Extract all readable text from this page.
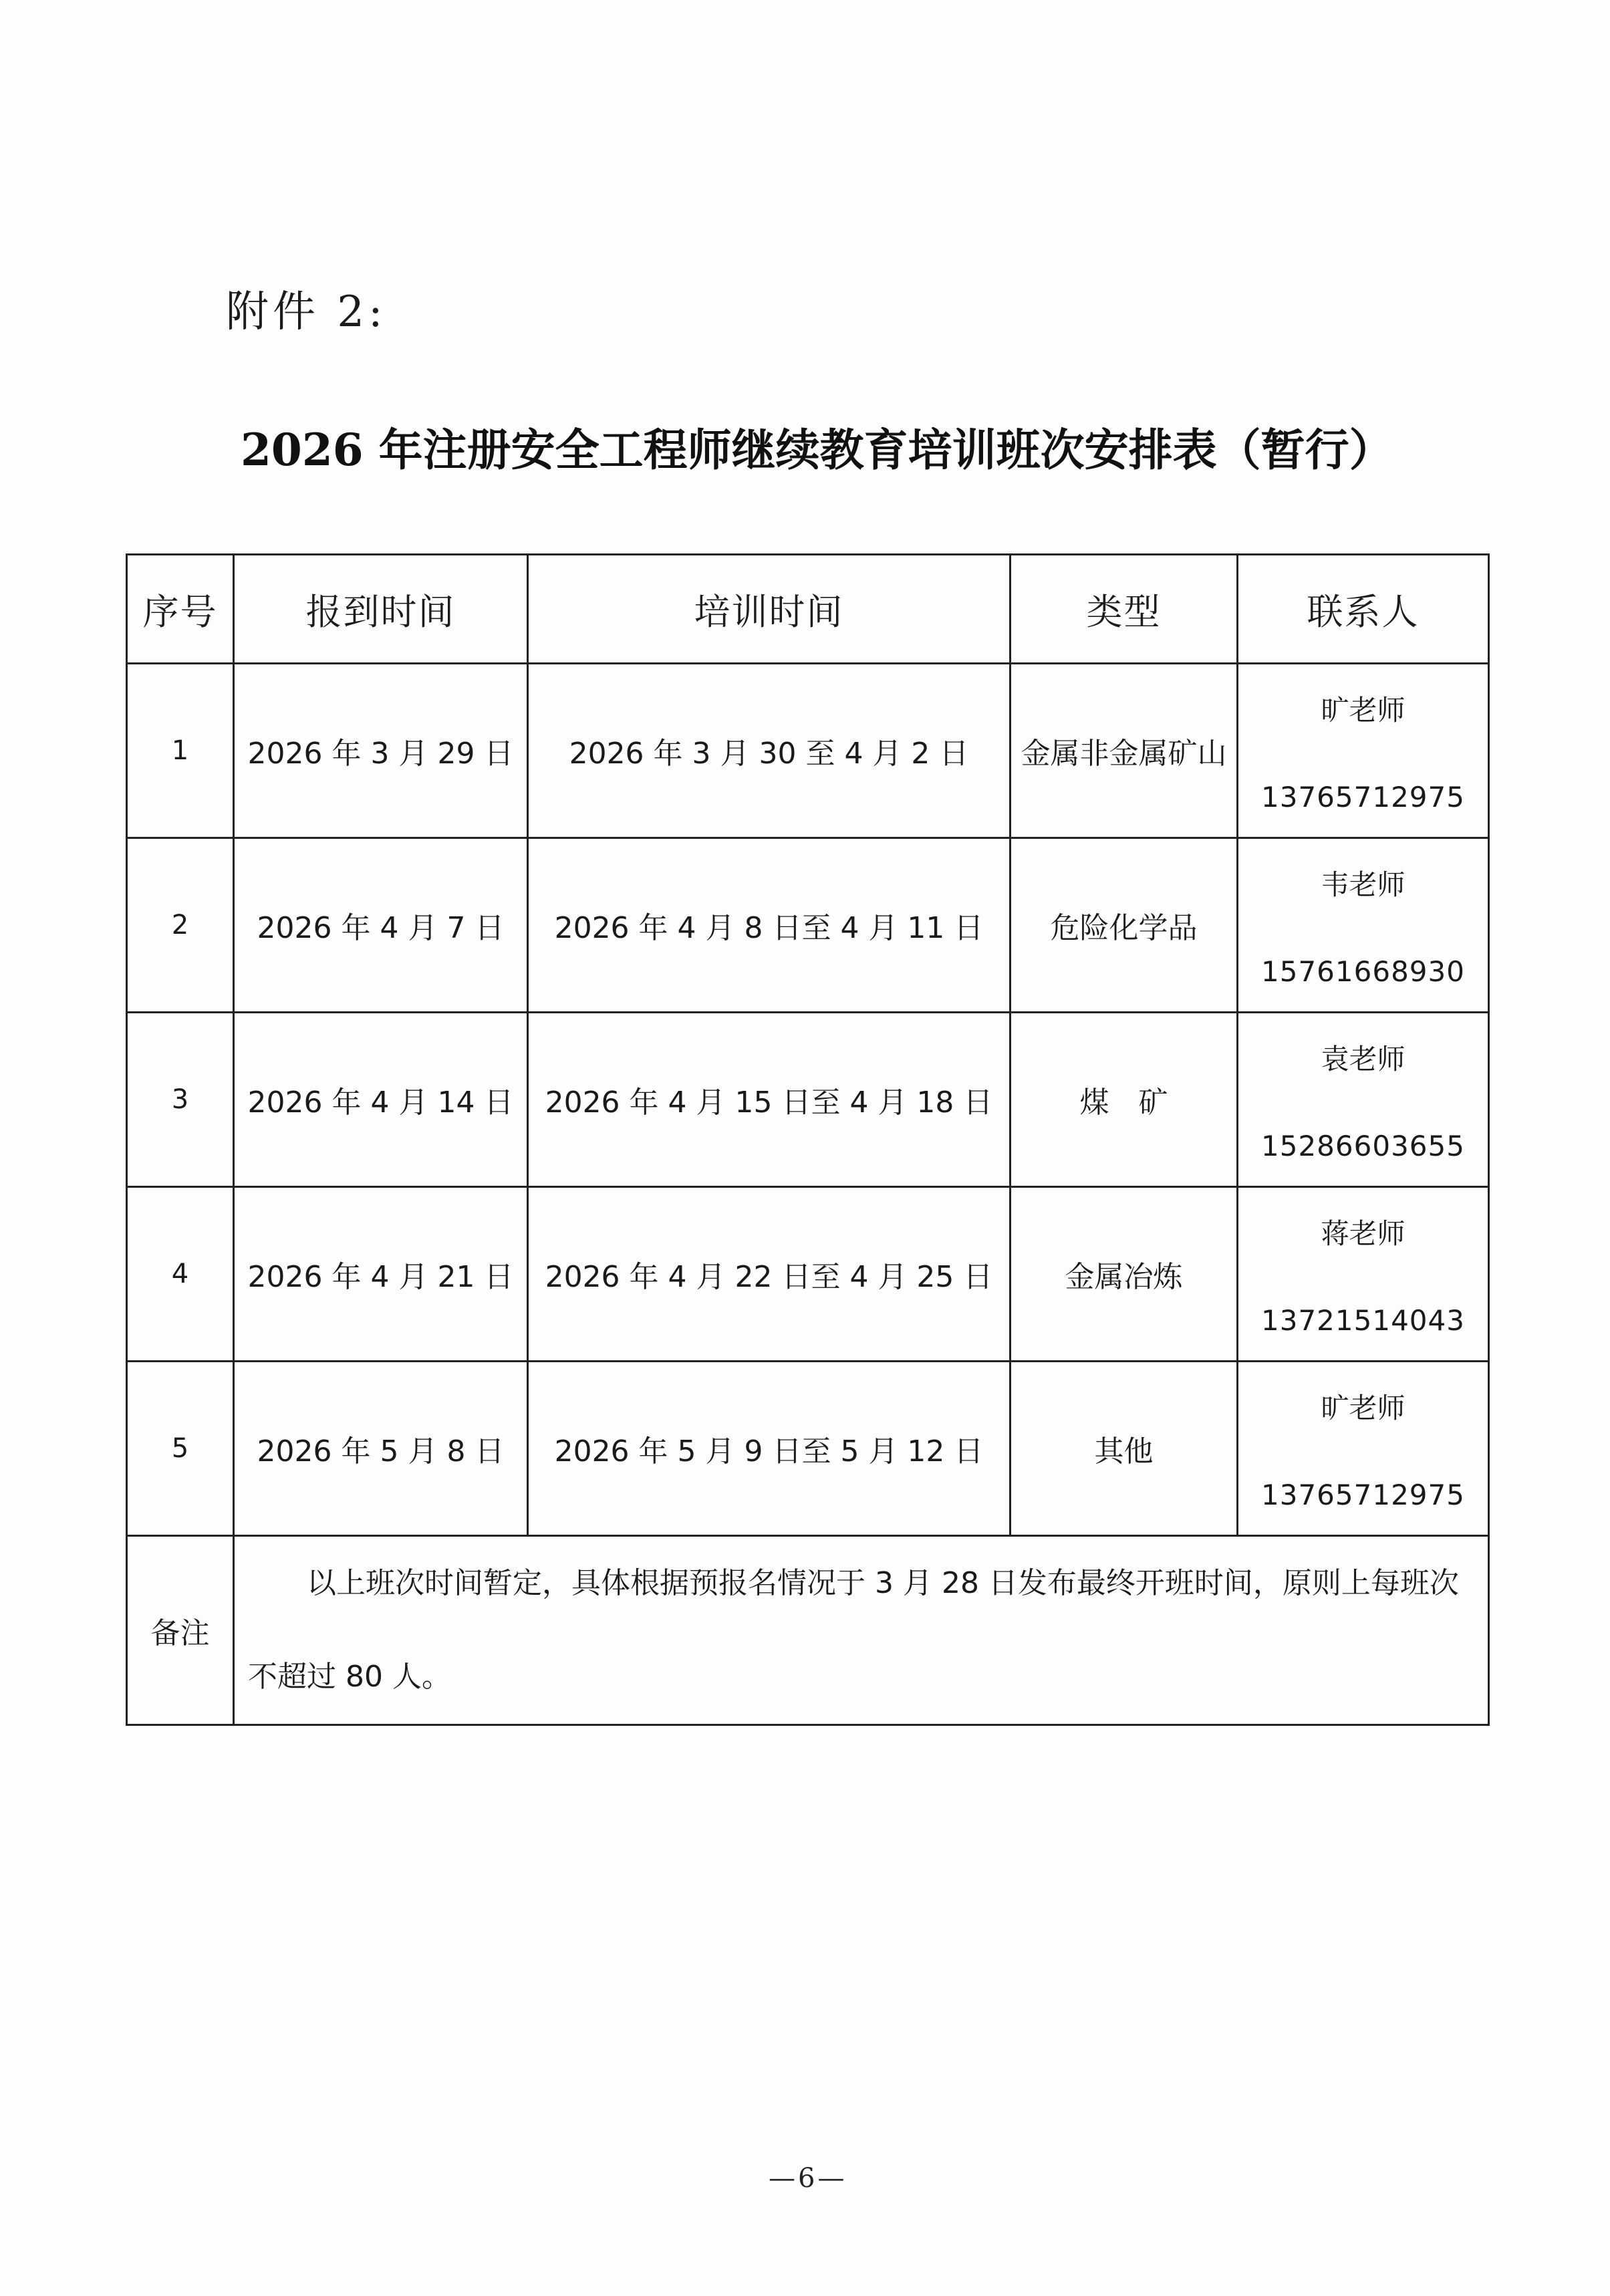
附件 2:
2026 年注册安全工程师继续教育培训班次安排表（暂行）
序号	报到时间	培训时间	类型	联系人
1	2026 年 3 月 29 日	2026 年 3 月 30 至 4 月 2 日	金属非金属矿山	旷老师
13765712975

2	2026 年 4 月 7 日	2026 年 4 月 8 日至 4 月 11 日	危险化学品	韦老师
15761668930

3	2026 年 4 月 14 日	2026 年 4 月 15 日至 4 月 18 日	煤　矿	袁老师
15286603655

4	2026 年 4 月 21 日	2026 年 4 月 22 日至 4 月 25 日	金属冶炼	蒋老师
13721514043

5	2026 年 5 月 8 日	2026 年 5 月 9 日至 5 月 12 日	其他	旷老师
13765712975

备注	以上班次时间暂定，具体根据预报名情况于 3 月 28 日发布最终开班时间，原则上每班次不超过 80 人。			
—6—
